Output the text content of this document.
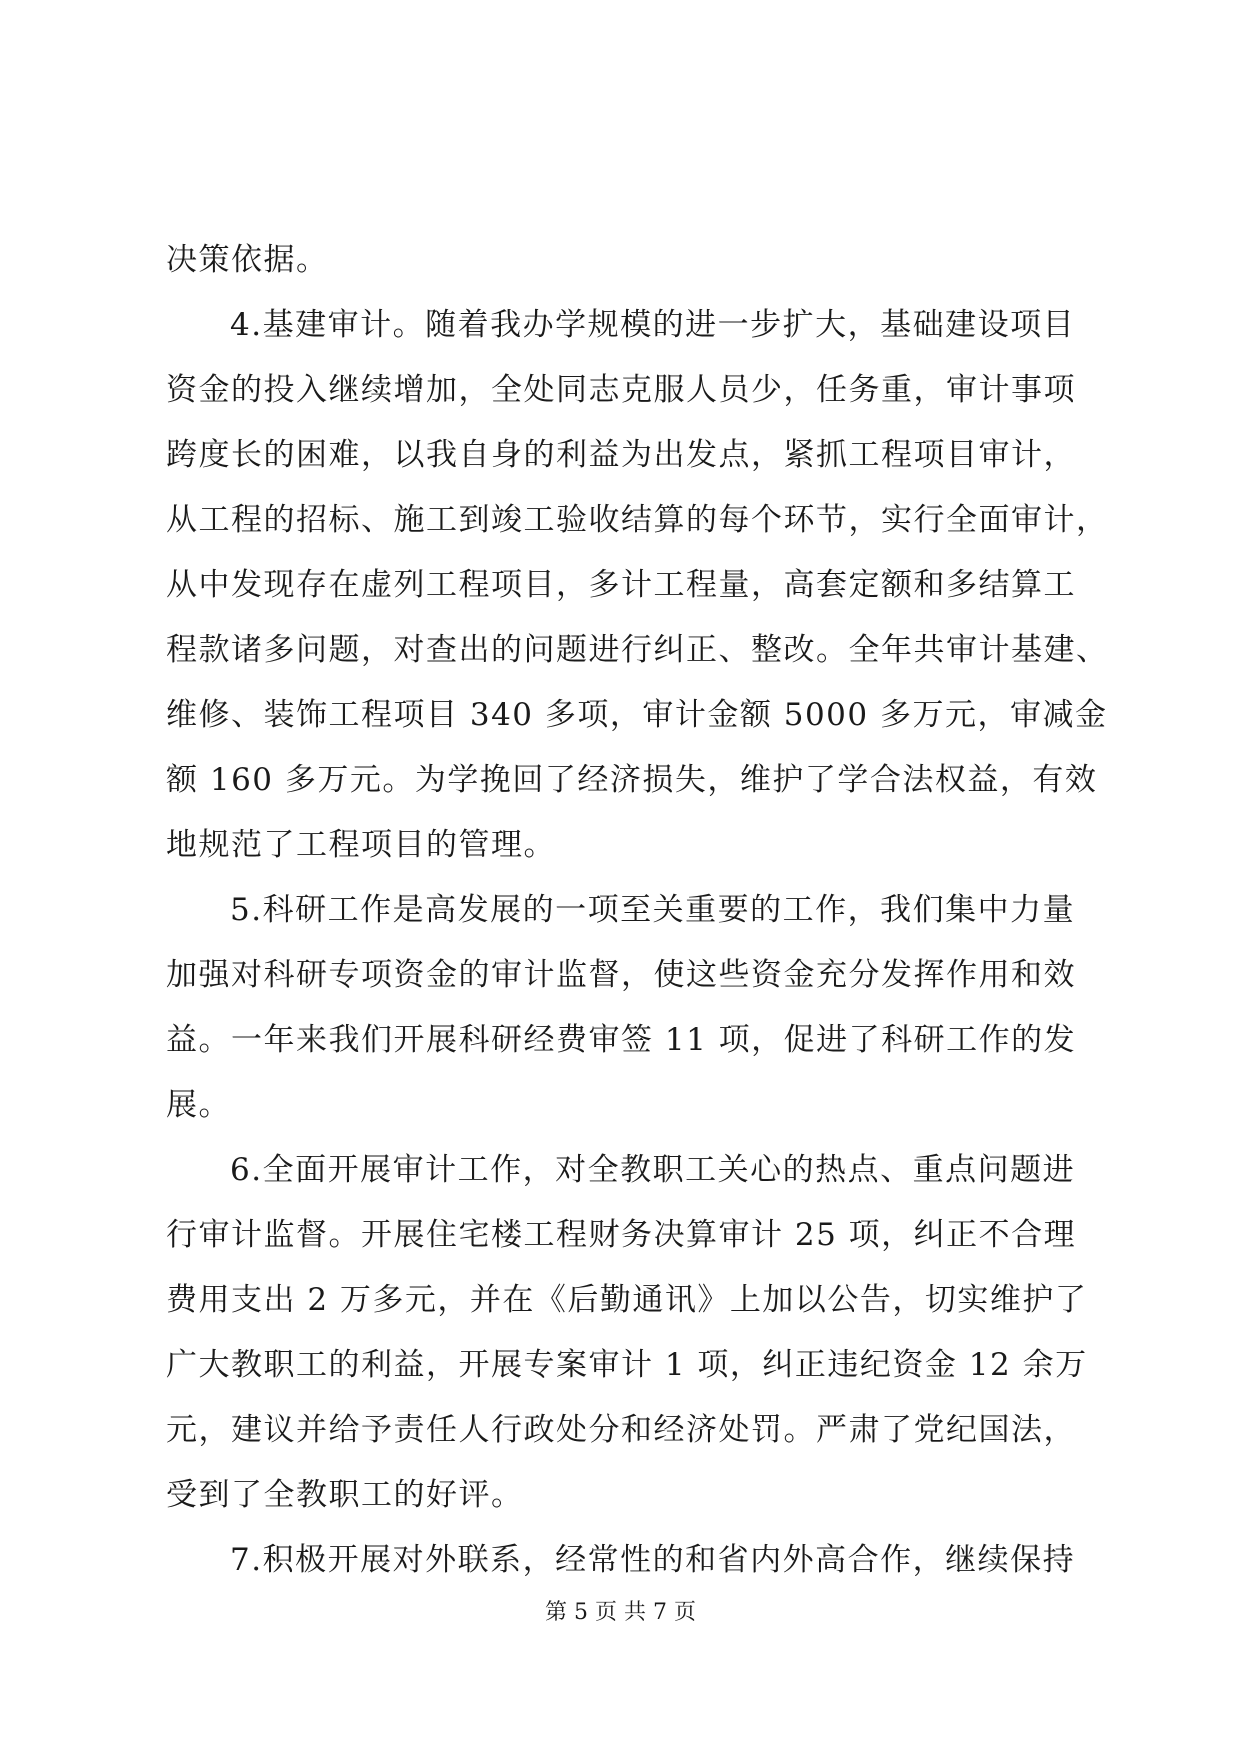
决策依据。
4.基建审计。随着我办学规模的进一步扩大，基础建设项目
资金的投入继续增加，全处同志克服人员少，任务重，审计事项
跨度长的困难，以我自身的利益为出发点，紧抓工程项目审计，
从工程的招标、施工到竣工验收结算的每个环节，实行全面审计，
从中发现存在虚列工程项目，多计工程量，高套定额和多结算工
程款诸多问题，对查出的问题进行纠正、整改。全年共审计基建、
维修、装饰工程项目 340 多项，审计金额 5000 多万元，审减金
额 160 多万元。为学挽回了经济损失，维护了学合法权益，有效
地规范了工程项目的管理。
5.科研工作是高发展的一项至关重要的工作，我们集中力量
加强对科研专项资金的审计监督，使这些资金充分发挥作用和效
益。一年来我们开展科研经费审签 11 项，促进了科研工作的发
展。
6.全面开展审计工作，对全教职工关心的热点、重点问题进
行审计监督。开展住宅楼工程财务决算审计 25 项，纠正不合理
费用支出 2 万多元，并在《后勤通讯》上加以公告，切实维护了
广大教职工的利益，开展专案审计 1 项，纠正违纪资金 12 余万
元，建议并给予责任人行政处分和经济处罚。严肃了党纪国法，
受到了全教职工的好评。
7.积极开展对外联系，经常性的和省内外高合作，继续保持
第 5 页 共 7 页
